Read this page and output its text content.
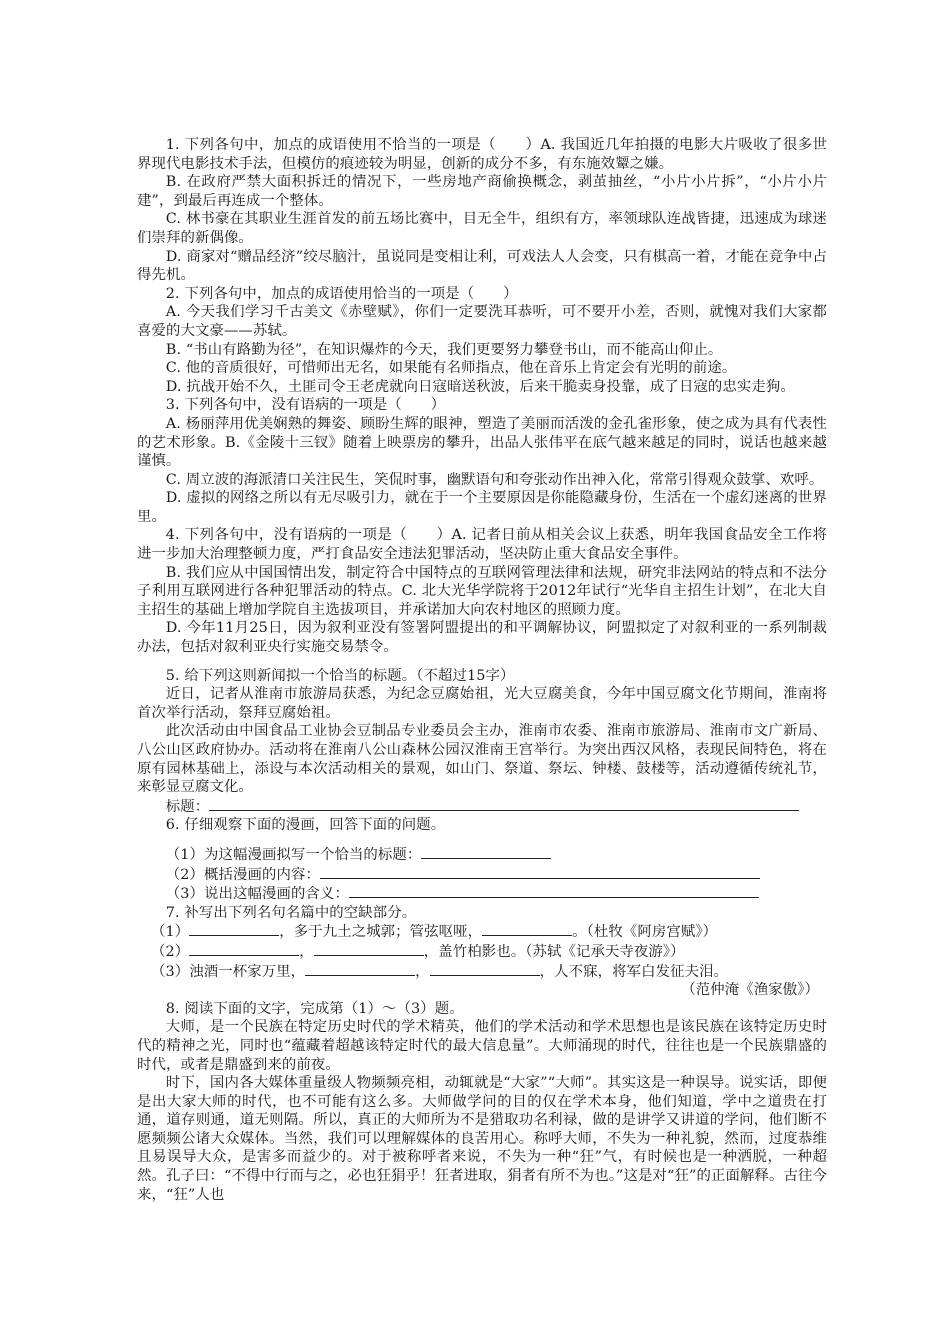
1. 下列各句中，加点的成语使用不恰当的一项是（　　）A. 我国近几年拍摄的电影大片吸收了很多世界现代电影技术手法，但模仿的痕迹较为明显，创新的成分不多，有东施效颦之嫌。

B. 在政府严禁大面积拆迁的情况下，一些房地产商偷换概念，剥茧抽丝，“小片小片拆”，“小片小片建”，到最后再连成一个整体。

C. 林书豪在其职业生涯首发的前五场比赛中，目无全牛，组织有方，率领球队连战皆捷，迅速成为球迷们崇拜的新偶像。

D. 商家对“赠品经济”绞尽脑汁，虽说同是变相让利，可戏法人人会变，只有棋高一着，才能在竞争中占得先机。

2. 下列各句中，加点的成语使用恰当的一项是（　　）

A. 今天我们学习千古美文《赤壁赋》，你们一定要洗耳恭听，可不要开小差，否则，就愧对我们大家都喜爱的大文豪——苏轼。

B. “书山有路勤为径”，在知识爆炸的今天，我们更要努力攀登书山，而不能高山仰止。

C. 他的音质很好，可惜师出无名，如果能有名师指点，他在音乐上肯定会有光明的前途。

D. 抗战开始不久，土匪司令王老虎就向日寇暗送秋波，后来干脆卖身投靠，成了日寇的忠实走狗。

3. 下列各句中，没有语病的一项是（　　）

A. 杨丽萍用优美娴熟的舞姿、顾盼生辉的眼神，塑造了美丽而活泼的金孔雀形象，使之成为具有代表性的艺术形象。B.《金陵十三钗》随着上映票房的攀升，出品人张伟平在底气越来越足的同时，说话也越来越谨慎。

C. 周立波的海派清口关注民生，笑侃时事，幽默语句和夸张动作出神入化，常常引得观众鼓掌、欢呼。

D. 虚拟的网络之所以有无尽吸引力，就在于一个主要原因是你能隐藏身份，生活在一个虚幻迷离的世界里。

4. 下列各句中，没有语病的一项是（　　）A. 记者日前从相关会议上获悉，明年我国食品安全工作将进一步加大治理整顿力度，严打食品安全违法犯罪活动，坚决防止重大食品安全事件。

B. 我们应从中国国情出发，制定符合中国特点的互联网管理法律和法规，研究非法网站的特点和不法分子利用互联网进行各种犯罪活动的特点。C. 北大光华学院将于2012年试行“光华自主招生计划”，在北大自主招生的基础上增加学院自主选拔项目，并承诺加大向农村地区的照顾力度。

D. 今年11月25日，因为叙利亚没有签署阿盟提出的和平调解协议，阿盟拟定了对叙利亚的一系列制裁办法，包括对叙利亚央行实施交易禁令。

5. 给下列这则新闻拟一个恰当的标题。（不超过15字）

近日，记者从淮南市旅游局获悉，为纪念豆腐始祖，光大豆腐美食，今年中国豆腐文化节期间，淮南将首次举行活动，祭拜豆腐始祖。

此次活动由中国食品工业协会豆制品专业委员会主办，淮南市农委、淮南市旅游局、淮南市文广新局、八公山区政府协办。活动将在淮南八公山森林公园汉淮南王宫举行。为突出西汉风格，表现民间特色，将在原有园林基础上，添设与本次活动相关的景观，如山门、祭道、祭坛、钟楼、鼓楼等，活动遵循传统礼节，来彰显豆腐文化。

标题：

6. 仔细观察下面的漫画，回答下面的问题。

（1）为这幅漫画拟写一个恰当的标题：

（2）概括漫画的内容：

（3）说出这幅漫画的含义：

7. 补写出下列名句名篇中的空缺部分。

（1）	，多于九土之城郭；管弦呕哑，	。（杜牧《阿房宫赋》）

（2）	，	，盖竹柏影也。（苏轼《记承天寺夜游》）

（3）浊酒一杯家万里，	，	，人不寐，将军白发征夫泪。

（范仲淹《渔家傲》）

8. 阅读下面的文字，完成第（1）～（3）题。

大师，是一个民族在特定历史时代的学术精英，他们的学术活动和学术思想也是该民族在该特定历史时代的精神之光，同时也“蕴藏着超越该特定时代的最大信息量”。大师涌现的时代，往往也是一个民族鼎盛的时代，或者是鼎盛到来的前夜。

时下，国内各大媒体重量级人物频频亮相，动辄就是“大家”“大师”。其实这是一种误导。说实话，即便是出大家大师的时代，也不可能有这么多。大师做学问的目的仅在学术本身，他们知道，学中之道贵在打通，道存则通，道无则隔。所以，真正的大师所为不是猎取功名利禄，做的是讲学又讲道的学问，他们断不愿频频公诸大众媒体。当然，我们可以理解媒体的良苦用心。称呼大师，不失为一种礼貌，然而，过度恭维且易误导大众，是害多而益少的。对于被称呼者来说，不失为一种“狂”气，有时候也是一种洒脱，一种超然。孔子曰：“不得中行而与之，必也狂狷乎！狂者进取，狷者有所不为也。”这是对“狂”的正面解释。古往今来，“狂”人也
